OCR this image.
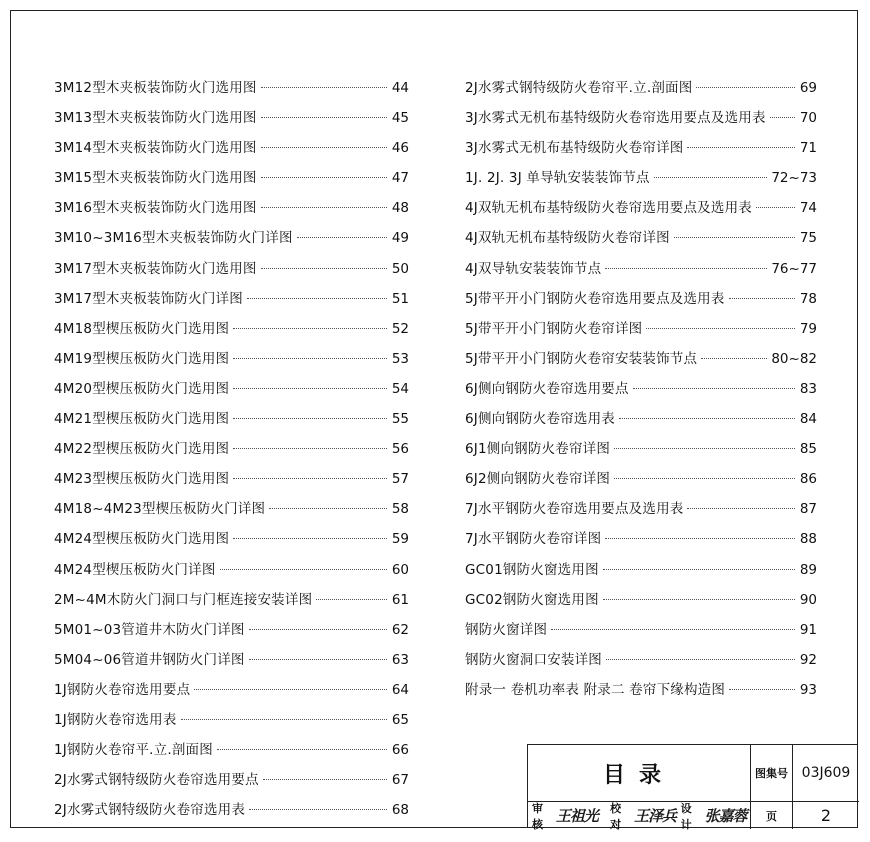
3M12型木夹板装饰防火门选用图	44
3M13型木夹板装饰防火门选用图	45
3M14型木夹板装饰防火门选用图	46
3M15型木夹板装饰防火门选用图	47
3M16型木夹板装饰防火门选用图	48
3M10~3M16型木夹板装饰防火门详图	49
3M17型木夹板装饰防火门选用图	50
3M17型木夹板装饰防火门详图	51
4M18型楔压板防火门选用图	52
4M19型楔压板防火门选用图	53
4M20型楔压板防火门选用图	54
4M21型楔压板防火门选用图	55
4M22型楔压板防火门选用图	56
4M23型楔压板防火门选用图	57
4M18~4M23型楔压板防火门详图	58
4M24型楔压板防火门选用图	59
4M24型楔压板防火门详图	60
2M~4M木防火门洞口与门框连接安装详图	61
5M01~03管道井木防火门详图	62
5M04~06管道井钢防火门详图	63
1J钢防火卷帘选用要点	64
1J钢防火卷帘选用表	65
1J钢防火卷帘平.立.剖面图	66
2J水雾式钢特级防火卷帘选用要点	67
2J水雾式钢特级防火卷帘选用表	68
2J水雾式钢特级防火卷帘平.立.剖面图	69
3J水雾式无机布基特级防火卷帘选用要点及选用表	70
3J水雾式无机布基特级防火卷帘详图	71
1J. 2J. 3J 单导轨安装装饰节点	72~73
4J双轨无机布基特级防火卷帘选用要点及选用表	74
4J双轨无机布基特级防火卷帘详图	75
4J双导轨安装装饰节点	76~77
5J带平开小门钢防火卷帘选用要点及选用表	78
5J带平开小门钢防火卷帘详图	79
5J带平开小门钢防火卷帘安装装饰节点	80~82
6J侧向钢防火卷帘选用要点	83
6J侧向钢防火卷帘选用表	84
6J1侧向钢防火卷帘详图	85
6J2侧向钢防火卷帘详图	86
7J水平钢防火卷帘选用要点及选用表	87
7J水平钢防火卷帘详图	88
GC01钢防火窗选用图	89
GC02钢防火窗选用图	90
钢防火窗详图	91
钢防火窗洞口安装详图	92
附录一 卷机功率表 附录二 卷帘下缘构造图	93
目录	图集号 03J609
审核 王祖光	校对 王泽兵 设计 张嘉蓉	页	2
